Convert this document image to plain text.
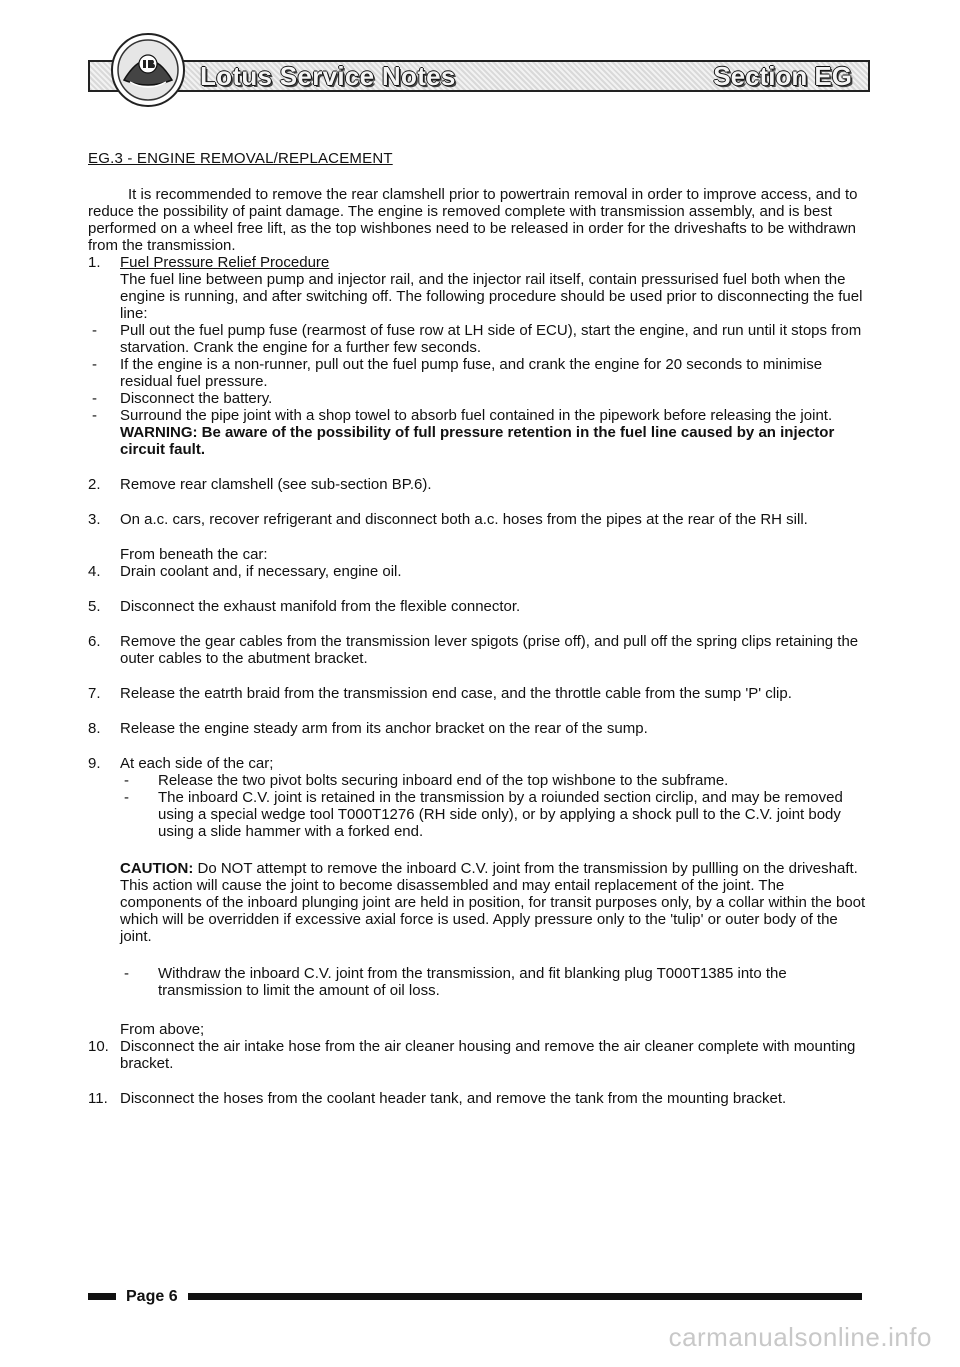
Lotus Service Notes	Section EG
EG.3 - ENGINE REMOVAL/REPLACEMENT

It is recommended to remove the rear clamshell prior to powertrain removal in order to improve access, and to reduce the possibility of paint damage. The engine is removed complete with transmission assembly, and is best performed on a wheel free lift, as the top wishbones need to be released in order for the driveshafts to be withdrawn from the transmission.

1.	Fuel Pressure Relief Procedure
The fuel line between pump and injector rail, and the injector rail itself, contain pressurised fuel both when the engine is running, and after switching off. The following procedure should be used prior to disconnecting the fuel line:
-	Pull out the fuel pump fuse (rearmost of fuse row at LH side of ECU), start the engine, and run until it stops from starvation. Crank the engine for a further few seconds.
-	If the engine is a non-runner, pull out the fuel pump fuse, and crank the engine for 20 seconds to minimise residual fuel pressure.
-	Disconnect the battery.
-	Surround the pipe joint with a shop towel to absorb fuel contained in the pipework before releasing the joint.
WARNING: Be aware of the possibility of full pressure retention in the fuel line caused by an injector circuit fault.
2.	Remove rear clamshell (see sub-section BP.6).
3.	On a.c. cars, recover refrigerant and disconnect both a.c. hoses from the pipes at the rear of the RH sill.
From beneath the car:
4.	Drain coolant and, if necessary, engine oil.
5.	Disconnect the exhaust manifold from the flexible connector.
6.	Remove the gear cables from the transmission lever spigots (prise off), and pull off the spring clips retaining the outer cables to the abutment bracket.
7.	Release the eatrth braid from the transmission end case, and the throttle cable from the sump 'P' clip.
8.	Release the engine steady arm from its anchor bracket on the rear of the sump.
9.	At each side of the car;
-	Release the two pivot bolts securing inboard end of the top wishbone to the subframe.
-	The inboard C.V. joint is retained in the transmission by a roiunded section circlip, and may be removed using a special wedge tool T000T1276 (RH side only), or by applying a shock pull to the C.V. joint body using a slide hammer with a forked end.
CAUTION: Do NOT attempt to remove the inboard C.V. joint from the transmission by pullling on the driveshaft. This action will cause the joint to become disassembled and may entail replacement of the joint. The components of the inboard plunging joint are held in position, for transit purposes only, by a collar within the boot which will be overridden if excessive axial force is used. Apply pressure only to the 'tulip' or outer body of the joint.
-	Withdraw the inboard C.V. joint from the transmission, and fit blanking plug T000T1385 into the transmission to limit the amount of oil loss.
From above;
10. Disconnect the air intake hose from the air cleaner housing and remove the air cleaner complete with mounting bracket.
11. Disconnect the hoses from the coolant header tank, and remove the tank from the mounting bracket.
Page 6
carmanualsonline.info
